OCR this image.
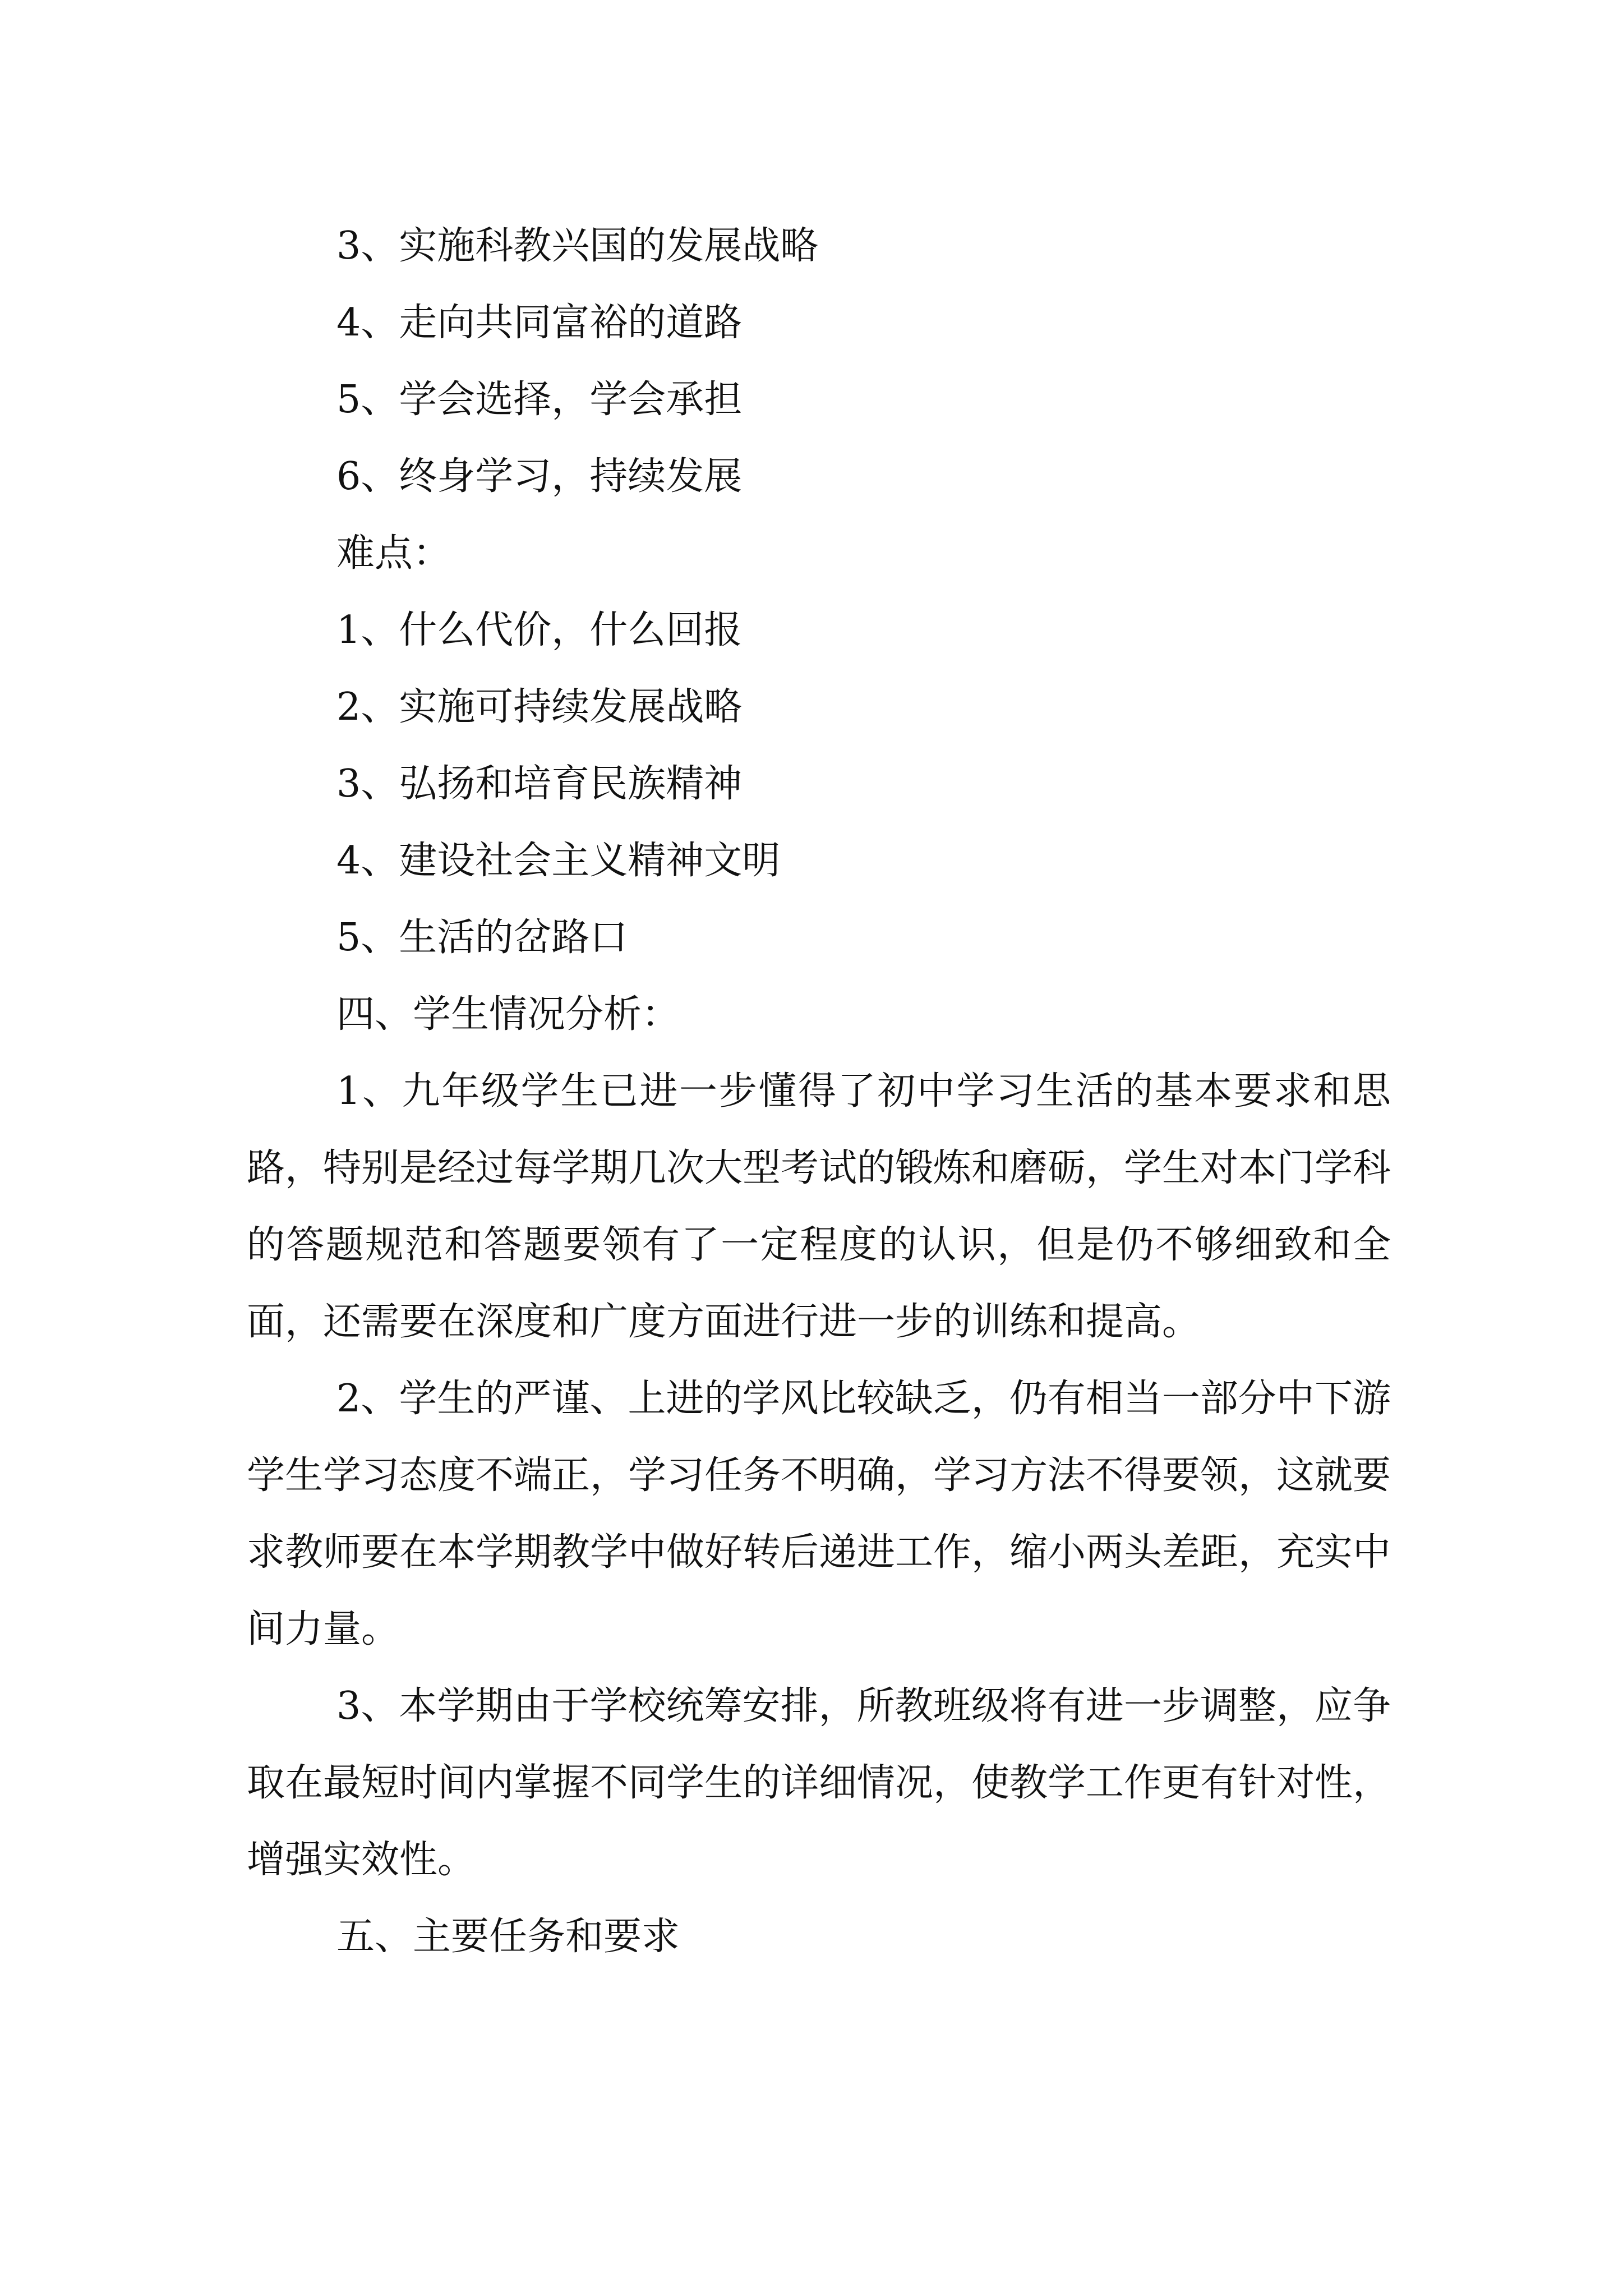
3、实施科教兴国的发展战略

4、走向共同富裕的道路

5、学会选择，学会承担

6、终身学习，持续发展

难点：

1、什么代价，什么回报

2、实施可持续发展战略

3、弘扬和培育民族精神

4、建设社会主义精神文明

5、生活的岔路口

四、学生情况分析：

1、九年级学生已进一步懂得了初中学习生活的基本要求和思路，特别是经过每学期几次大型考试的锻炼和磨砺，学生对本门学科的答题规范和答题要领有了一定程度的认识，但是仍不够细致和全面，还需要在深度和广度方面进行进一步的训练和提高。

2、学生的严谨、上进的学风比较缺乏，仍有相当一部分中下游学生学习态度不端正，学习任务不明确，学习方法不得要领，这就要求教师要在本学期教学中做好转后递进工作，缩小两头差距，充实中间力量。

3、本学期由于学校统筹安排，所教班级将有进一步调整，应争取在最短时间内掌握不同学生的详细情况，使教学工作更有针对性，增强实效性。

五、主要任务和要求
